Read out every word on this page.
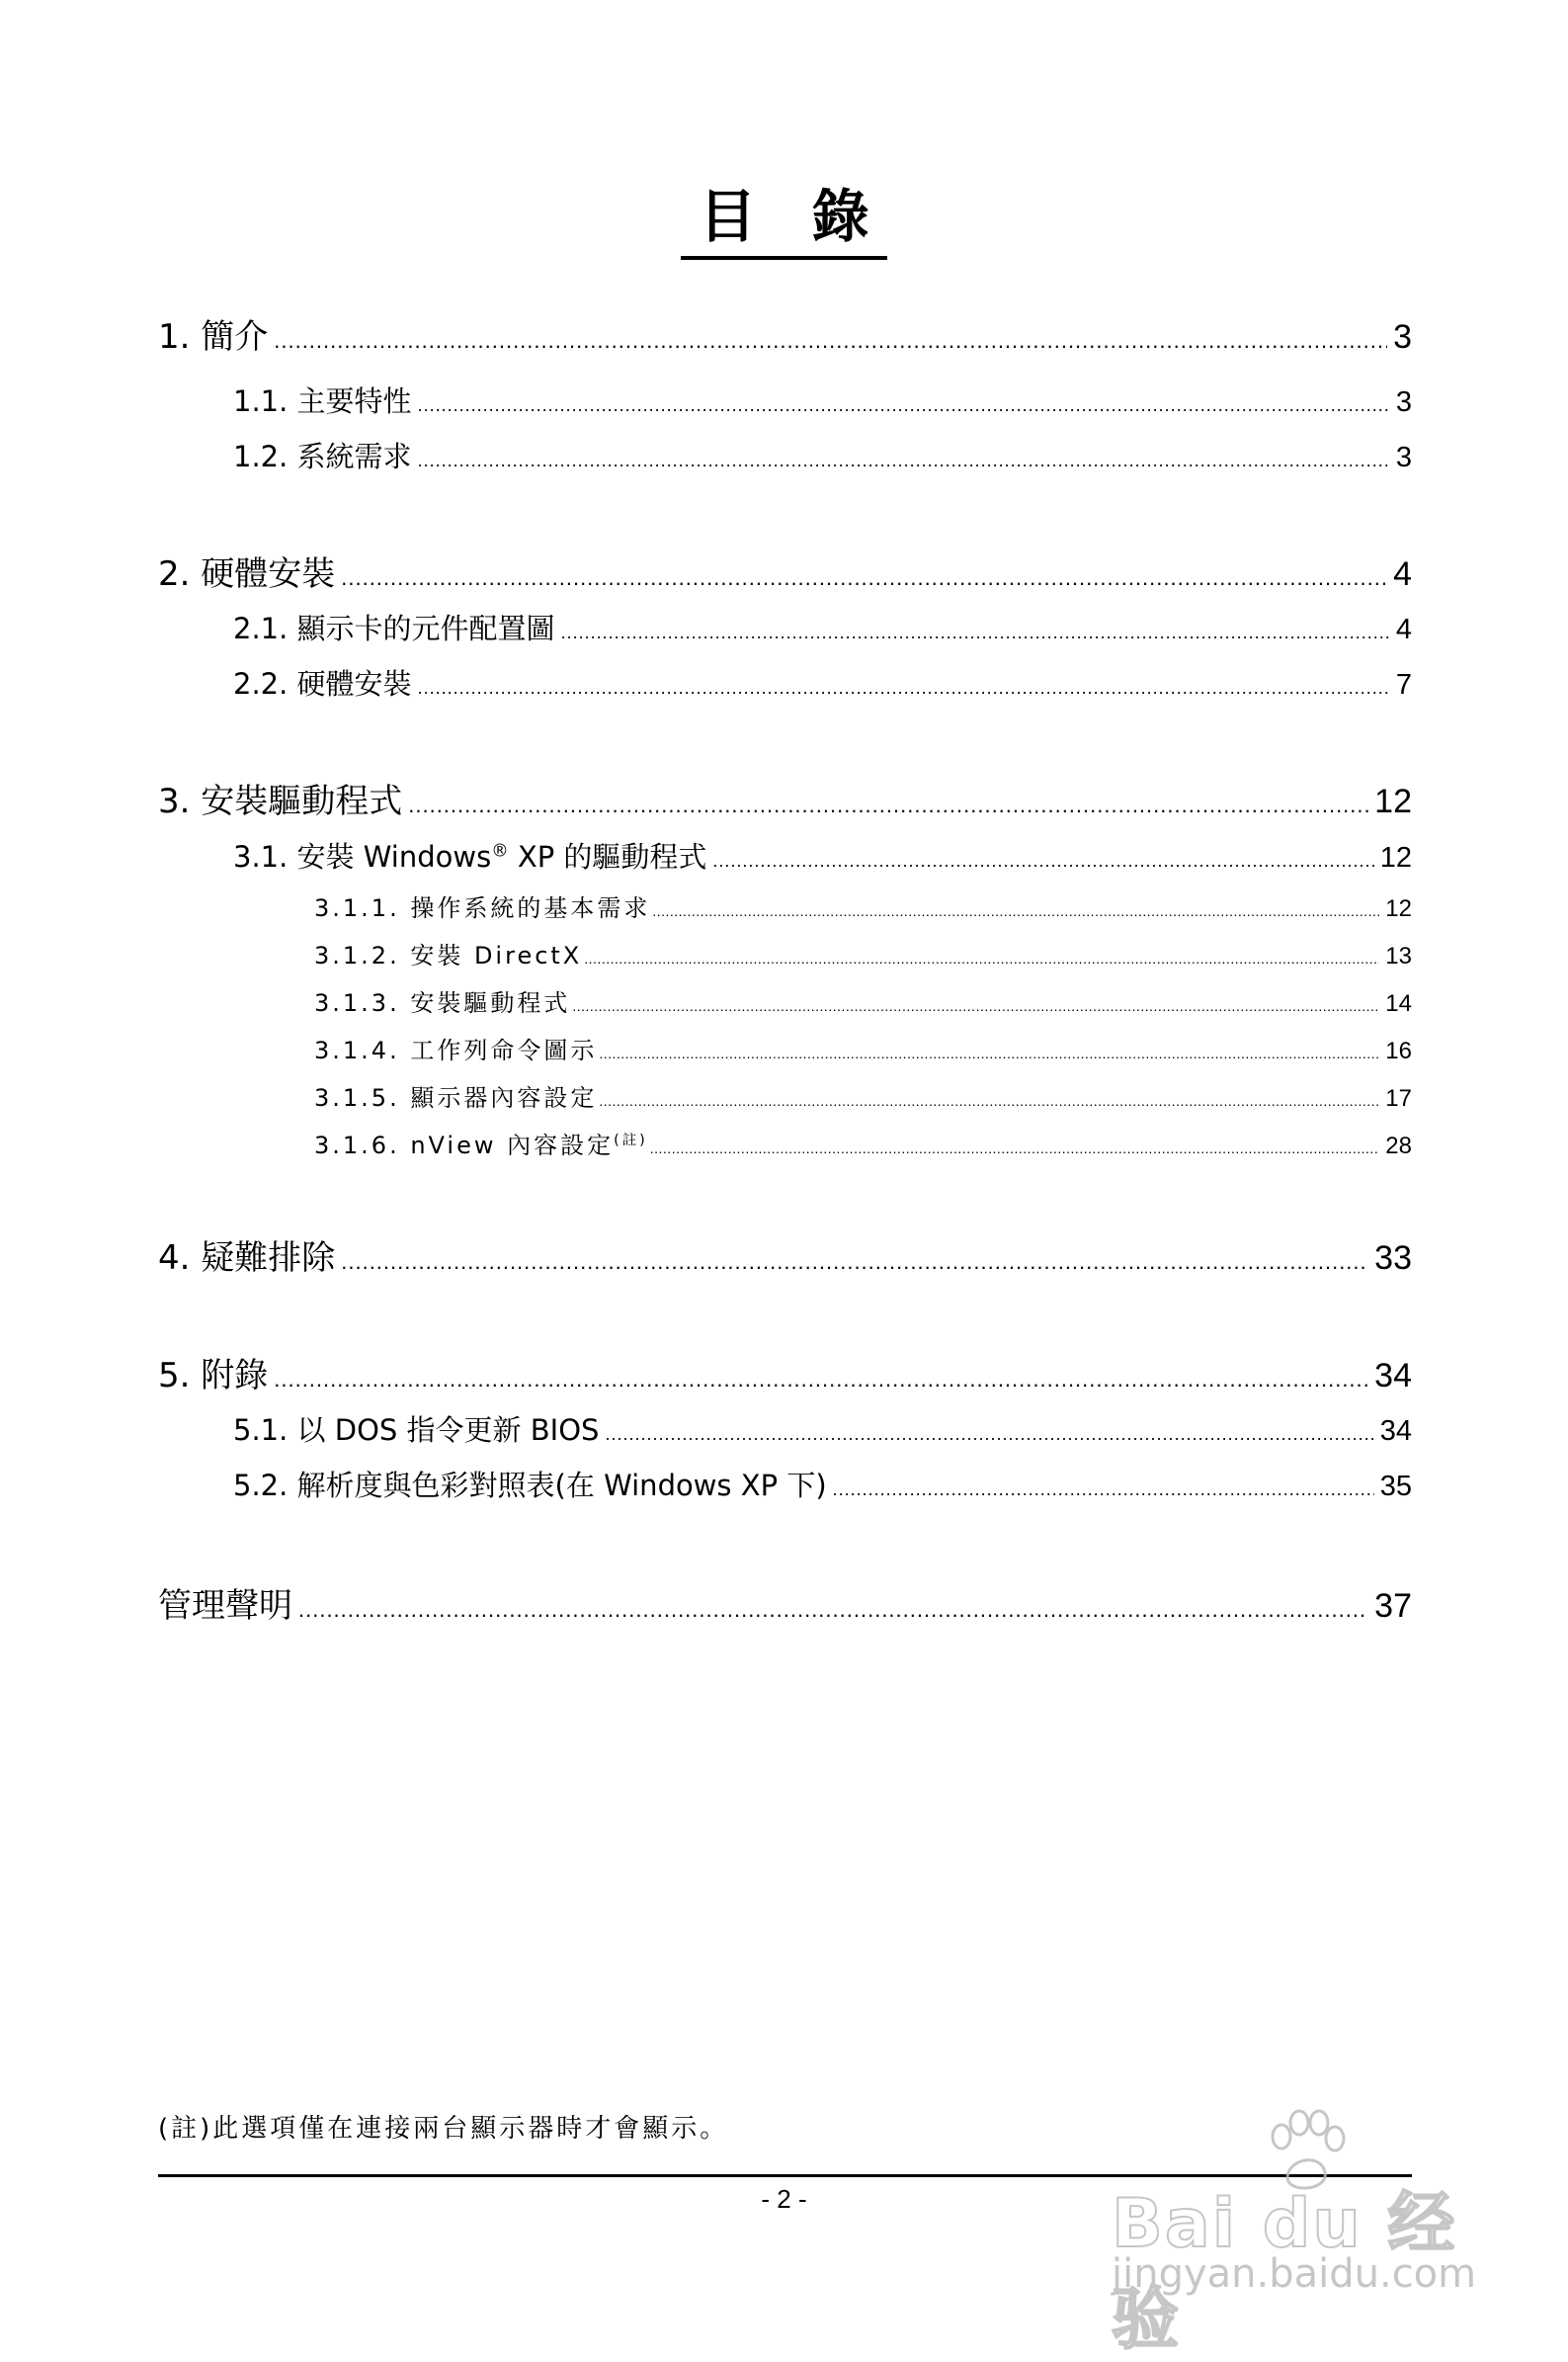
目 錄
1. 簡介 .....	3
1.1. 主要特性 .....	3
1.2. 系統需求 .....	3
2. 硬體安裝 .....	4
2.1. 顯示卡的元件配置圖 .....	4
2.2. 硬體安裝 .....	7
3. 安裝驅動程式 .....	12
3.1. 安裝 Windows® XP 的驅動程式 .....	12
3.1.1. 操作系統的基本需求 .....	12
3.1.2. 安裝 DirectX .....	13
3.1.3. 安裝驅動程式 .....	14
3.1.4. 工作列命令圖示 .....	16
3.1.5. 顯示器內容設定 .....	17
3.1.6. nView 內容設定$^{(註)}$ .....	28
4. 疑難排除 .....	33
5. 附錄 .....	34
5.1. 以 DOS 指令更新 BIOS .....	34
5.2. 解析度與色彩對照表(在 Windows XP 下) .....	35
管理聲明 .....	37
(註)此選項僅在連接兩台顯示器時才會顯示。
- 2 -	Bai du 经验
jingyan.baidu.com
